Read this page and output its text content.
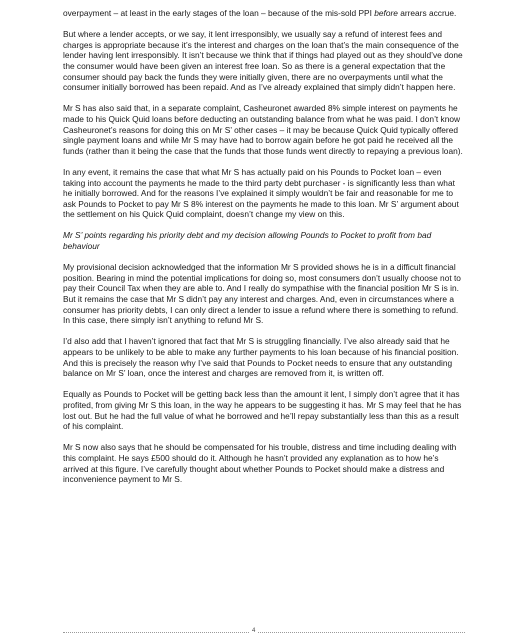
overpayment – at least in the early stages of the loan – because of the mis-sold PPI before arrears accrue.

But where a lender accepts, or we say, it lent irresponsibly, we usually say a refund of interest fees and charges is appropriate because it’s the interest and charges on the loan that’s the main consequence of the lender having lent irresponsibly. It isn’t because we think that if things had played out as they should’ve done the consumer would have been given an interest free loan. So as there is a general expectation that the consumer should pay back the funds they were initially given, there are no overpayments until what the consumer initially borrowed has been repaid. And as I’ve already explained that simply didn’t happen here.

Mr S has also said that, in a separate complaint, Casheuronet awarded 8% simple interest on payments he made to his Quick Quid loans before deducting an outstanding balance from what he was paid. I don’t know Casheuronet’s reasons for doing this on Mr S’ other cases – it may be because Quick Quid typically offered single payment loans and while Mr S may have had to borrow again before he got paid he received all the funds (rather than it being the case that the funds that those funds went directly to repaying a previous loan).

In any event, it remains the case that what Mr S has actually paid on his Pounds to Pocket loan – even taking into account the payments he made to the third party debt purchaser - is significantly less than what he initially borrowed. And for the reasons I’ve explained it simply wouldn’t be fair and reasonable for me to ask Pounds to Pocket to pay Mr S 8% interest on the payments he made to this loan. Mr S’ argument about the settlement on his Quick Quid complaint, doesn’t change my view on this.

Mr S’ points regarding his priority debt and my decision allowing Pounds to Pocket to profit from bad behaviour

My provisional decision acknowledged that the information Mr S provided shows he is in a difficult financial position. Bearing in mind the potential implications for doing so, most consumers don’t usually choose not to pay their Council Tax when they are able to. And I really do sympathise with the financial position Mr S is in. But it remains the case that Mr S didn’t pay any interest and charges. And, even in circumstances where a consumer has priority debts, I can only direct a lender to issue a refund where there is something to refund. In this case, there simply isn’t anything to refund Mr S.

I’d also add that I haven’t ignored that fact that Mr S is struggling financially. I’ve also already said that he appears to be unlikely to be able to make any further payments to his loan because of his financial position. And this is precisely the reason why I’ve said that Pounds to Pocket needs to ensure that any outstanding balance on Mr S’ loan, once the interest and charges are removed from it, is written off.

Equally as Pounds to Pocket will be getting back less than the amount it lent, I simply don’t agree that it has profited, from giving Mr S this loan, in the way he appears to be suggesting it has. Mr S may feel that he has lost out. But he had the full value of what he borrowed and he’ll repay substantially less than this as a result of his complaint.

Mr S now also says that he should be compensated for his trouble, distress and time including dealing with this complaint. He says £500 should do it. Although he hasn’t provided any explanation as to how he’s arrived at this figure. I’ve carefully thought about whether Pounds to Pocket should make a distress and inconvenience payment to Mr S.

4
